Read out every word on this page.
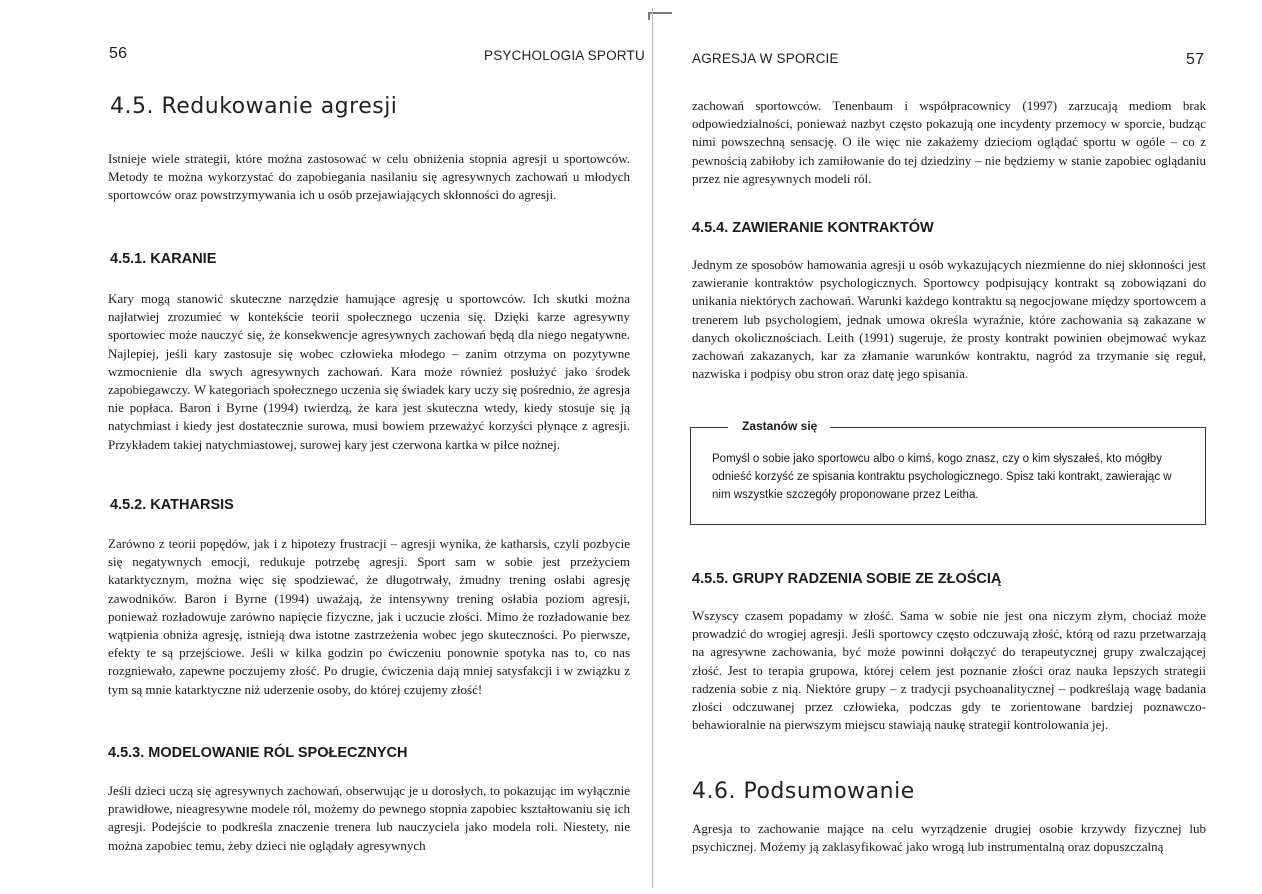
56	PSYCHOLOGIA SPORTU
4.5. Redukowanie agresji

Istnieje wiele strategii, które można zastosować w celu obniżenia stopnia agresji u sportowców. Metody te można wykorzystać do zapobiegania nasilaniu się agresywnych zachowań u młodych sportowców oraz powstrzymywania ich u osób przejawiających skłonności do agresji.

4.5.1. KARANIE

Kary mogą stanowić skuteczne narzędzie hamujące agresję u sportowców. Ich skutki można najłatwiej zrozumieć w kontekście teorii społecznego uczenia się. Dzięki karze agresywny sportowiec może nauczyć się, że konsekwencje agresywnych zachowań będą dla niego negatywne. Najlepiej, jeśli kary zastosuje się wobec człowieka młodego – zanim otrzyma on pozytywne wzmocnienie dla swych agresywnych zachowań. Kara może również posłużyć jako środek zapobiegawczy. W kategoriach społecznego uczenia się świadek kary uczy się pośrednio, że agresja nie popłaca. Baron i Byrne (1994) twierdzą, że kara jest skuteczna wtedy, kiedy stosuje się ją natychmiast i kiedy jest dostatecznie surowa, musi bowiem przeważyć korzyści płynące z agresji. Przykładem takiej natychmiastowej, surowej kary jest czerwona kartka w piłce nożnej.

4.5.2. KATHARSIS

Zarówno z teorii popędów, jak i z hipotezy frustracji – agresji wynika, że katharsis, czyli pozbycie się negatywnych emocji, redukuje potrzebę agresji. Sport sam w sobie jest przeżyciem katarktycznym, można więc się spodziewać, że długotrwały, żmudny trening osłabi agresję zawodników. Baron i Byrne (1994) uważają, że intensywny trening osłabia poziom agresji, ponieważ rozładowuje zarówno napięcie fizyczne, jak i uczucie złości. Mimo że rozładowanie bez wątpienia obniża agresję, istnieją dwa istotne zastrzeżenia wobec jego skuteczności. Po pierwsze, efekty te są przejściowe. Jeśli w kilka godzin po ćwiczeniu ponownie spotyka nas to, co nas rozgniewało, zapewne poczujemy złość. Po drugie, ćwiczenia dają mniej satysfakcji i w związku z tym są mnie katarktyczne niż uderzenie osoby, do której czujemy złość!

4.5.3. MODELOWANIE RÓL SPOŁECZNYCH

Jeśli dzieci uczą się agresywnych zachowań, obserwując je u dorosłych, to pokazując im wyłącznie prawidłowe, nieagresywne modele ról, możemy do pewnego stopnia zapobiec kształtowaniu się ich agresji. Podejście to podkreśla znaczenie trenera lub nauczyciela jako modela roli. Niestety, nie można zapobiec temu, żeby dzieci nie oglądały agresywnych

AGRESJA W SPORCIE	57

zachowań sportowców. Tenenbaum i współpracownicy (1997) zarzucają mediom brak odpowiedzialności, ponieważ nazbyt często pokazują one incydenty przemocy w sporcie, budząc nimi powszechną sensację. O ile więc nie zakażemy dzieciom oglądać sportu w ogóle – co z pewnością zabiłoby ich zamiłowanie do tej dziedziny – nie będziemy w stanie zapobiec oglądaniu przez nie agresywnych modeli ról.

4.5.4. ZAWIERANIE KONTRAKTÓW

Jednym ze sposobów hamowania agresji u osób wykazujących niezmienne do niej skłonności jest zawieranie kontraktów psychologicznych. Sportowcy podpisujący kontrakt są zobowiązani do unikania niektórych zachowań. Warunki każdego kontraktu są negocjowane między sportowcem a trenerem lub psychologiem, jednak umowa określa wyraźnie, które zachowania są zakazane w danych okolicznościach. Leith (1991) sugeruje, że prosty kontrakt powinien obejmować wykaz zachowań zakazanych, kar za złamanie warunków kontraktu, nagród za trzymanie się reguł, nazwiska i podpisy obu stron oraz datę jego spisania.

Zastanów się

Pomyśl o sobie jako sportowcu albo o kimś, kogo znasz, czy o kim słyszałeś, kto mógłby odnieść korzyść ze spisania kontraktu psychologicznego. Spisz taki kontrakt, zawierając w nim wszystkie szczegóły proponowane przez Leitha.

4.5.5. GRUPY RADZENIA SOBIE ZE ZŁOŚCIĄ

Wszyscy czasem popadamy w złość. Sama w sobie nie jest ona niczym złym, chociaż może prowadzić do wrogiej agresji. Jeśli sportowcy często odczuwają złość, którą od razu przetwarzają na agresywne zachowania, być może powinni dołączyć do terapeutycznej grupy zwalczającej złość. Jest to terapia grupowa, której celem jest poznanie złości oraz nauka lepszych strategii radzenia sobie z nią. Niektóre grupy – z tradycji psychoanalitycznej – podkreślają wagę badania złości odczuwanej przez człowieka, podczas gdy te zorientowane bardziej poznawczo-behawioralnie na pierwszym miejscu stawiają naukę strategii kontrolowania jej.

4.6. Podsumowanie

Agresja to zachowanie mające na celu wyrządzenie drugiej osobie krzywdy fizycznej lub psychicznej. Możemy ją zaklasyfikować jako wrogą lub instrumentalną oraz dopuszczalną
